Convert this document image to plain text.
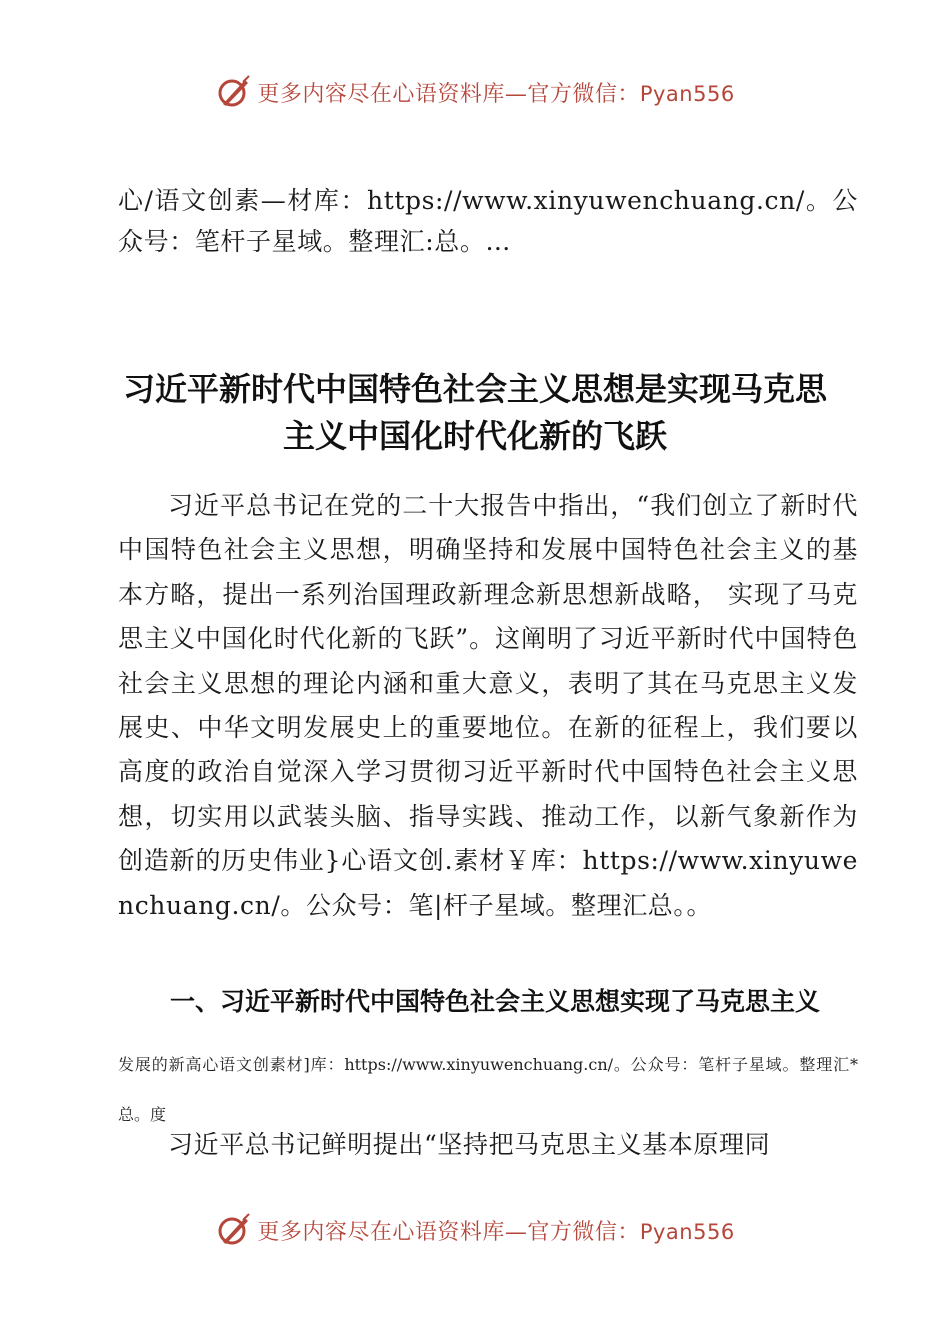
更多内容尽在心语资料库—官方微信：Pyan556

心/语文创素—材库：https://www.xinyuwenchuang.cn/。公众号：笔杆子星域。整理汇:总。…

习近平新时代中国特色社会主义思想是实现马克思主义中国化时代化新的飞跃

习近平总书记在党的二十大报告中指出，“我们创立了新时代中国特色社会主义思想，明确坚持和发展中国特色社会主义的基本方略，提出一系列治国理政新理念新思想新战略， 实现了马克思主义中国化时代化新的飞跃”。这阐明了习近平新时代中国特色社会主义思想的理论内涵和重大意义，表明了其在马克思主义发展史、中华文明发展史上的重要地位。在新的征程上，我们要以高度的政治自觉深入学习贯彻习近平新时代中国特色社会主义思想，切实用以武装头脑、指导实践、推动工作，以新气象新作为创造新的历史伟业}心语文创.素材￥库：https://www.xinyuwenchuang.cn/。公众号：笔|杆子星域。整理汇总。。

一、习近平新时代中国特色社会主义思想实现了马克思主义

发展的新高心语文创素材]库：https://www.xinyuwenchuang.cn/。公众号：笔杆子星域。整理汇*总。度

习近平总书记鲜明提出“坚持把马克思主义基本原理同

更多内容尽在心语资料库—官方微信：Pyan556
